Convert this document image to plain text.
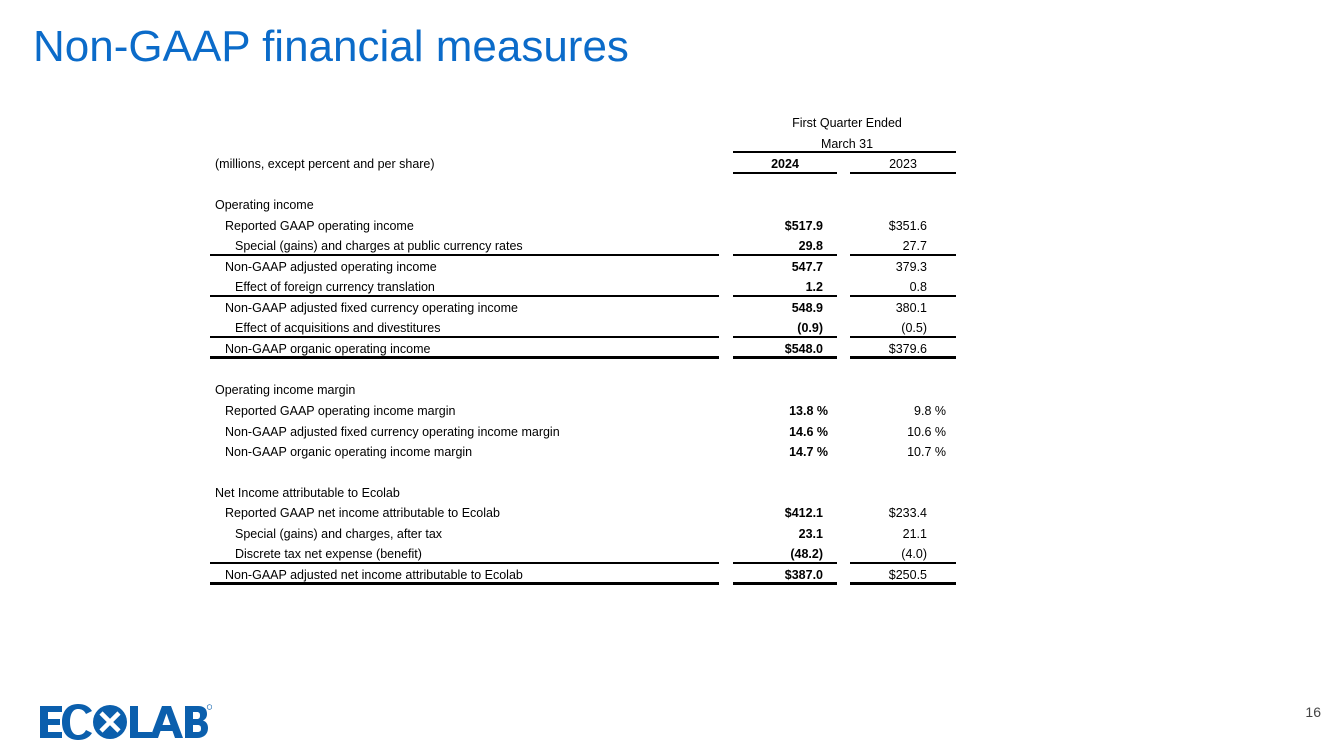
Non-GAAP financial measures
First Quarter Ended
March 31
(millions, except percent and per share)	2024	2023
Operating income
Reported GAAP operating income	$517.9	$351.6
Special (gains) and charges at public currency rates	29.8	27.7
Non-GAAP adjusted operating income	547.7	379.3
Effect of foreign currency translation	1.2	0.8
Non-GAAP adjusted fixed currency operating income	548.9	380.1
Effect of acquisitions and divestitures	(0.9)	(0.5)
Non-GAAP organic operating income	$548.0	$379.6
Operating income margin
Reported GAAP operating income margin	13.8 %	9.8 %
Non-GAAP adjusted fixed currency operating income margin	14.6 %	10.6 %
Non-GAAP organic operating income margin	14.7 %	10.7 %
Net Income attributable to Ecolab
Reported GAAP net income attributable to Ecolab	$412.1	$233.4
Special (gains) and charges, after tax	23.1	21.1
Discrete tax net expense (benefit)	(48.2)	(4.0)
Non-GAAP adjusted net income attributable to Ecolab	$387.0	$250.5
16
